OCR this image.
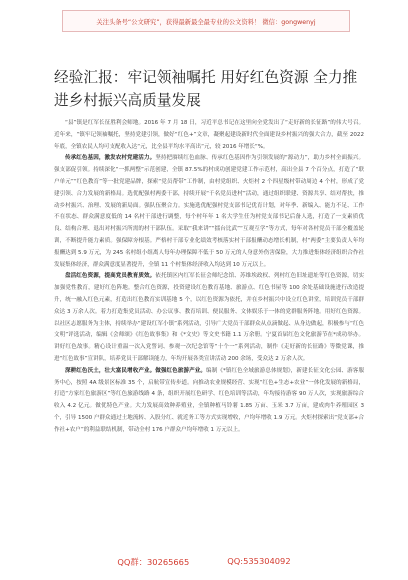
关注头条号“公文研究”，获得最新最全最专业的公文资料！ 微信：gongwenyj
经验汇报：牢记领袖嘱托 用好红色资源 全力推进乡村振兴高质量发展

“县”镇是红军长征胜利会师地。2016 年 7 月 18 日，习近平总书记在这里向全党发出了“走好新的长征路”的伟大号召。近年来，“镇牢记领袖嘱托，坚持党建引领，做好“红色+”文章，凝聚起建设新时代全面建设乡村振兴的强大合力，截至 2022 年底，全镇农民人均可支配收入达“元，比全县平均水平高出“元，较 2016 年增长“%。

传承红色基因，激发农村党建活力。坚持把赓续红色血脉、传承红色基因作为引领发展的“源动力”，助力乡村全面振兴。强支部促引领。持续深化“一抓两整”示范创建，全镇 87.5%的村成功创建党建工作示范村，高出全县 7 个百分点，打造了“联户单元”“红色教育”等一批党建品牌，探索“党员帮带”工作制，由村党组织、火炬村 2 个四星级村带动周边 4 个村，形成了党建引领、合力发展的新格局。选优配强村两委干部，持续开展“千名党员进村”活动，通过组织联建、资源共享、结对帮扶，推动乡村振兴、治理、发展的新局面。强队伍聚合力。实施选优配强村党支部书记优育计划，对年季、新编入、能力不足、工作不在状态、群众满意度低的 14 名村干部进行调整，每个村年年 1 名大学生任为村党支部书记后备人选，打造了一支素质优良、结构合理、退出对村振兴所需的村干部队伍。采取“我来讲”“擂台比武”“互观互学”等方式，每年对各村党员干部全覆盖轮训，不断提升能力素质。强保障夯根基。严格村干部专业化绩效考核落实村干部报酬动态增长机制，村“两委”主要负责人年均报酬达到 5.9 万元，为 245 名村组小组离人每年办理保障不低于 50 万元的人身意外伤害保险，大力推进集体经济组织合作社发展集体经济，群众满意度显著提升，全镇 11 个村集体经济收入均达到 10 万元以上。

盘活红色资源，提高党员教育质效。依托镇区内红军长征会师纪念馆、苏维埃政权、列村红色旧址遗址等红色资源，切实加强党性教育，建好红色阵地。整合红色资源，投资建设红色教育基地、旅游点、红色书屋等 100 余处基础设施进行改造提升，统一融入红色元素，打造出红色教育实训基地 5 个，以红色资源为依托，并在乡村振兴中设立红色讲堂，培训党员干部群众达 3 万余人次。着力打造集党员活动、办公议事、教育培训、便民服务、文体娱乐于一体的党群服务阵地。用好红色资源。以社区志愿服务为主体，持续举办“建设红军小镇”系列活动，引导广大党员干部群众从点滴做起、从身边做起，积极参与“红色文明”评选活动，编辑《会师颂》《红色故事集》和《*文史》等文史书籍 1.1 万余册。宁夏首届红色文化旅游节在*成功举办。讲好红色故事。精心设计重温一次入党誓词、参观一次纪念馆等“十个一”系列活动，制作《走好新的长征路》等微党课，推进“红色故事”宣讲队，培养党员干部解读能力，年均开展各类宣讲活动 200 余场，受众达 2 万余人次。

深耕红色沃土，壮大富民增收产业。做强红色旅游产业。编制《*镇红色全域旅游总体规划》，新建长征文化公园、游客服务中心，按照 4A 级景区标准 35 个，启航带宣传步道。向推动农业规模经营、实现“红色+生态+农业”一体化发展的新格局，打造“方家红色旅游区”等红色旅游线路 4 条，组织开展红色研学、红色培训等活动，年均接待游客 90 万人次，实现旅游综合收入 4.2 亿元。做优特色产业。大力发展高效种养殖业，全镇种植马铃薯 1.85 万亩、玉米 3.7 万亩，建成肉牛养殖园区 3 个，引导 1500 户群众通过土地流转、入股分红、就近务工等方式实现增收，户均年增收 1.9 万元。火炬村探索出“党支部+合作社+农户”的利益联结机制，带动全村 176 户群众户均年增收 1 万元以上。

QQ群：30265665	QQ:535304092
